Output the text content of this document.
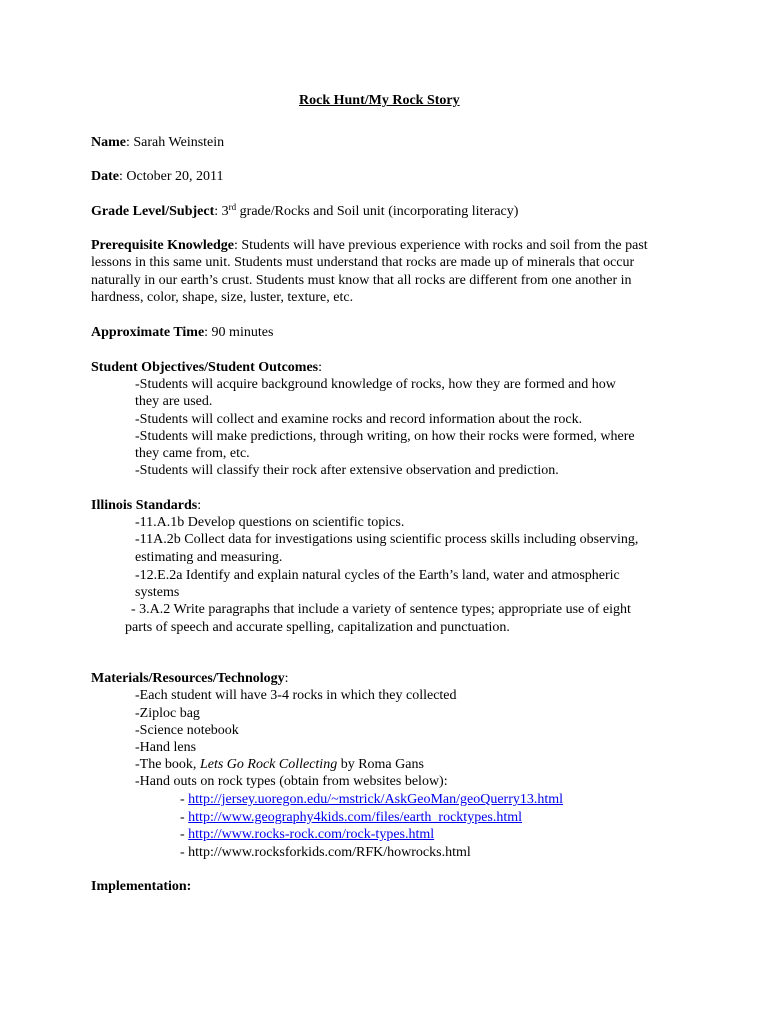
Rock Hunt/My Rock Story
Name: Sarah Weinstein
Date: October 20, 2011
Grade Level/Subject: 3rd grade/Rocks and Soil unit (incorporating literacy)
Prerequisite Knowledge: Students will have previous experience with rocks and soil from the past lessons in this same unit. Students must understand that rocks are made up of minerals that occur naturally in our earth’s crust. Students must know that all rocks are different from one another in hardness, color, shape, size, luster, texture, etc.
Approximate Time: 90 minutes
Student Objectives/Student Outcomes:
-Students will acquire background knowledge of rocks, how they are formed and how
they are used.
-Students will collect and examine rocks and record information about the rock.
-Students will make predictions, through writing, on how their rocks were formed, where
they came from, etc.
-Students will classify their rock after extensive observation and prediction.
Illinois Standards:
-11.A.1b Develop questions on scientific topics.
-11A.2b Collect data for investigations using scientific process skills including observing,
estimating and measuring.
-12.E.2a Identify and explain natural cycles of the Earth’s land, water and atmospheric
systems
- 3.A.2 Write paragraphs that include a variety of sentence types; appropriate use of eight
parts of speech and accurate spelling, capitalization and punctuation.
Materials/Resources/Technology:
-Each student will have 3-4 rocks in which they collected
-Ziploc bag
-Science notebook
-Hand lens
-The book, Lets Go Rock Collecting by Roma Gans
-Hand outs on rock types (obtain from websites below):
- http://jersey.uoregon.edu/~mstrick/AskGeoMan/geoQuerry13.html
- http://www.geography4kids.com/files/earth_rocktypes.html
- http://www.rocks-rock.com/rock-types.html
- http://www.rocksforkids.com/RFK/howrocks.html
Implementation:
